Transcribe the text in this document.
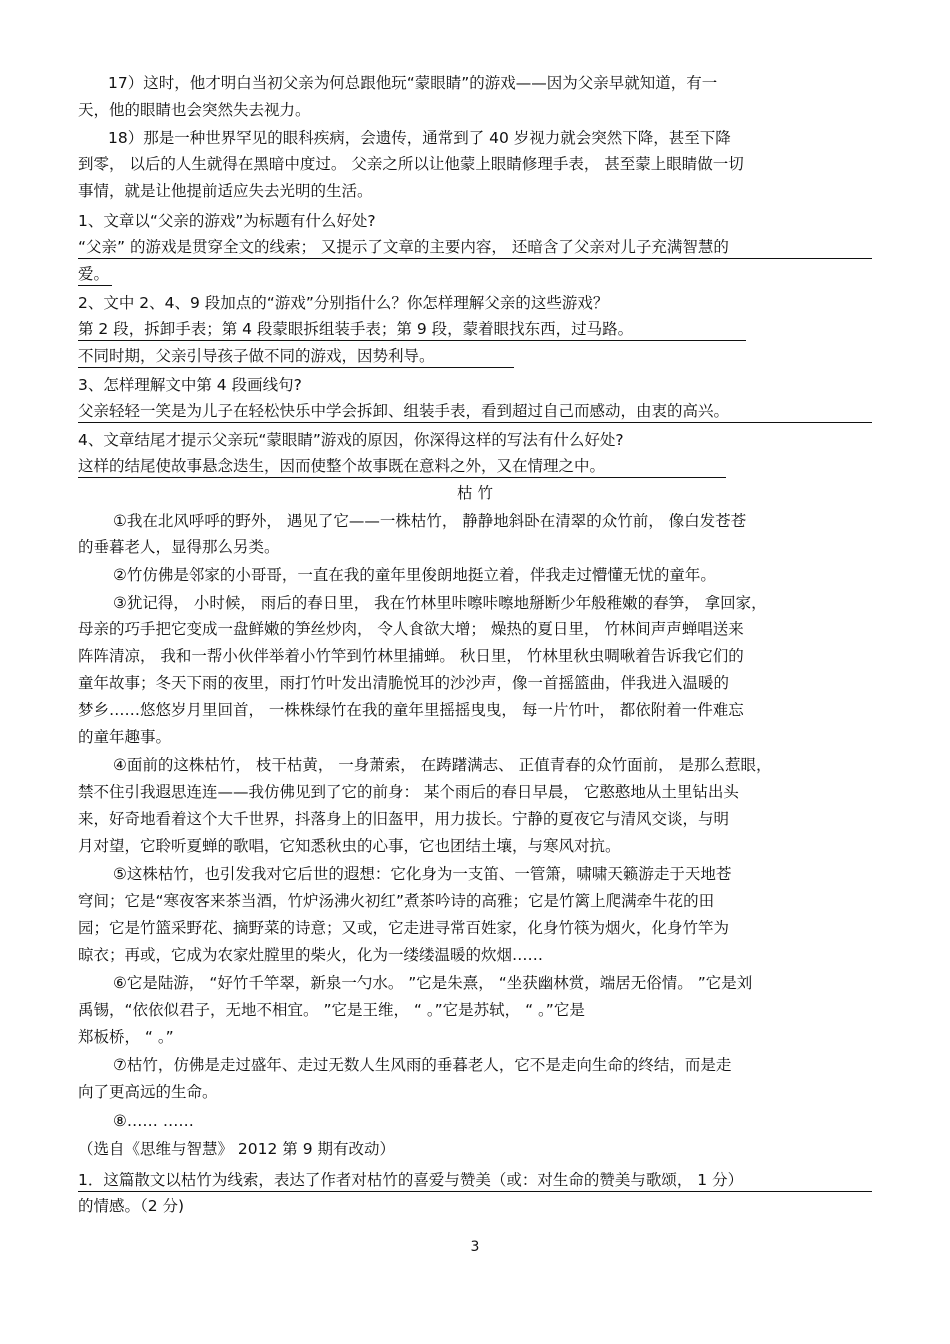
17）这时，他才明白当初父亲为何总跟他玩“蒙眼睛”的游戏——因为父亲早就知道，有一
天，他的眼睛也会突然失去视力。
18）那是一种世界罕见的眼科疾病，会遗传，通常到了 40 岁视力就会突然下降，甚至下降
到零， 以后的人生就得在黑暗中度过。 父亲之所以让他蒙上眼睛修理手表， 甚至蒙上眼睛做一切
事情，就是让他提前适应失去光明的生活。
1、文章以“父亲的游戏”为标题有什么好处?
“父亲” 的游戏是贯穿全文的线索； 又提示了文章的主要内容， 还暗含了父亲对儿子充满智慧的
爱。
2、文中 2、4、9 段加点的“游戏”分别指什么？你怎样理解父亲的这些游戏？
第 2 段，拆卸手表；第 4 段蒙眼拆组装手表；第 9 段，蒙着眼找东西，过马路。
不同时期，父亲引导孩子做不同的游戏，因势利导。
3、怎样理解文中第 4 段画线句?
父亲轻轻一笑是为儿子在轻松快乐中学会拆卸、组装手表，看到超过自己而感动，由衷的高兴。
4、文章结尾才提示父亲玩“蒙眼睛”游戏的原因，你深得这样的写法有什么好处?
这样的结尾使故事悬念迭生，因而使整个故事既在意料之外，又在情理之中。
枯 竹
①我在北风呼呼的野外， 遇见了它——一株枯竹， 静静地斜卧在清翠的众竹前， 像白发苍苍
的垂暮老人，显得那么另类。
②竹仿佛是邻家的小哥哥，一直在我的童年里俊朗地挺立着，伴我走过懵懂无忧的童年。
③犹记得， 小时候， 雨后的春日里， 我在竹林里咔嚓咔嚓地掰断少年般稚嫩的春笋， 拿回家，
母亲的巧手把它变成一盘鲜嫩的笋丝炒肉， 令人食欲大增； 燥热的夏日里， 竹林间声声蝉唱送来
阵阵清凉， 我和一帮小伙伴举着小竹竿到竹林里捕蝉。 秋日里， 竹林里秋虫啁啾着告诉我它们的
童年故事；冬天下雨的夜里，雨打竹叶发出清脆悦耳的沙沙声，像一首摇篮曲，伴我进入温暖的
梦乡……悠悠岁月里回首， 一株株绿竹在我的童年里摇摇曳曳， 每一片竹叶， 都依附着一件难忘
的童年趣事。
④面前的这株枯竹， 枝干枯黄， 一身萧索， 在踌躇满志、 正值青春的众竹面前， 是那么惹眼，
禁不住引我遐思连连——我仿佛见到了它的前身： 某个雨后的春日早晨， 它憨憨地从土里钻出头
来，好奇地看着这个大千世界，抖落身上的旧盔甲，用力拔长。宁静的夏夜它与清风交谈，与明
月对望，它聆听夏蝉的歌唱，它知悉秋虫的心事，它也团结土壤，与寒风对抗。
⑤这株枯竹，也引发我对它后世的遐想：它化身为一支笛、一管箫，啸啸天籁游走于天地苍
穹间；它是“寒夜客来茶当酒，竹炉汤沸火初红”煮茶吟诗的高雅；它是竹篱上爬满牵牛花的田
园；它是竹篮采野花、摘野菜的诗意；又或，它走进寻常百姓家，化身竹筷为烟火，化身竹竿为
晾衣；再或，它成为农家灶膛里的柴火，化为一缕缕温暖的炊烟……
⑥它是陆游， “好竹千竿翠，新泉一勺水。 ”它是朱熹， “坐获幽林赏，端居无俗情。 ”它是刘
禹锡，“依依似君子，无地不相宜。 ”它是王维， “ 。”它是苏轼， “ 。”它是
郑板桥， “ 。”
⑦枯竹，仿佛是走过盛年、走过无数人生风雨的垂暮老人，它不是走向生命的终结，而是走
向了更高远的生命。
⑧…… ……
（选自《思维与智慧》 2012 第 9 期有改动）
1．这篇散文以枯竹为线索，表达了作者对枯竹的喜爱与赞美（或：对生命的赞美与歌颂， 1 分）
的情感。（2 分)
3
